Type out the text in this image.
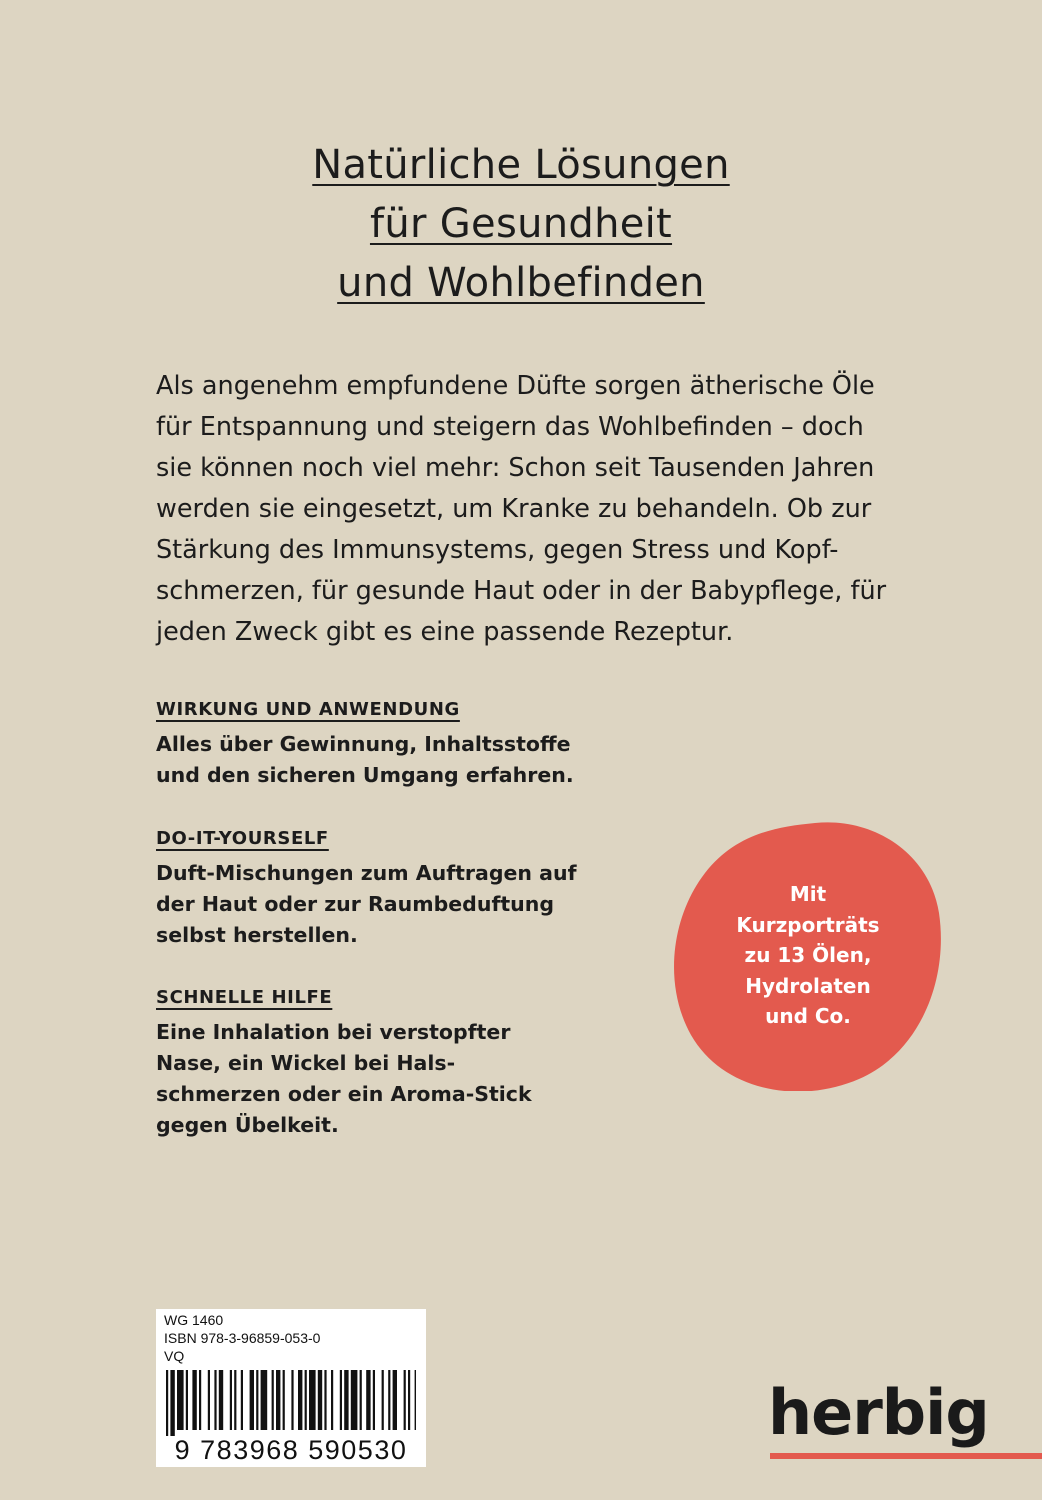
Natürliche Lösungen
für Gesundheit
und Wohlbefinden
Als angenehm empfundene Düfte sorgen ätherische Öle
für Entspannung und steigern das Wohlbefinden – doch
sie können noch viel mehr: Schon seit Tausenden Jahren
werden sie eingesetzt, um Kranke zu behandeln. Ob zur
Stärkung des Immunsystems, gegen Stress und Kopf-
schmerzen, für gesunde Haut oder in der Babypflege, für
jeden Zweck gibt es eine passende Rezeptur.
WIRKUNG UND ANWENDUNG
Alles über Gewinnung, Inhaltsstoffe
und den sicheren Umgang erfahren.
DO-IT-YOURSELF
Duft-Mischungen zum Auftragen auf
der Haut oder zur Raumbeduftung
selbst herstellen.
SCHNELLE HILFE
Eine Inhalation bei verstopfter
Nase, ein Wickel bei Hals-
schmerzen oder ein Aroma-Stick
gegen Übelkeit.
Mit
Kurzporträts
zu 13 Ölen,
Hydrolaten
und Co.
WG 1460
ISBN 978-3-96859-053-0
VQ
9 783968 590530
herbig
